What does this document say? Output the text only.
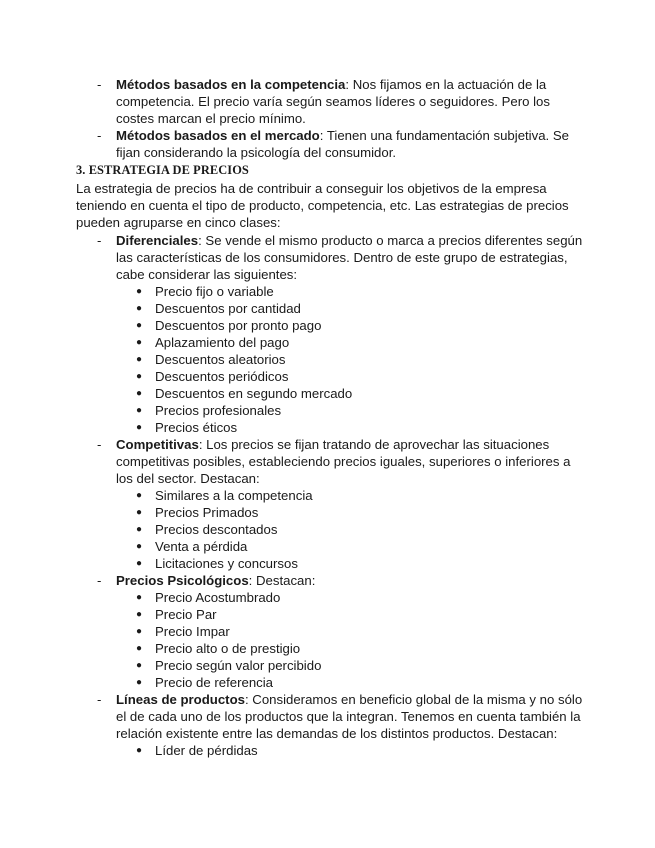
- Métodos basados en la competencia: Nos fijamos en la actuación de la
competencia. El precio varía según seamos líderes o seguidores. Pero los
costes marcan el precio mínimo.
- Métodos basados en el mercado: Tienen una fundamentación subjetiva. Se
fijan considerando la psicología del consumidor.
3. ESTRATEGIA DE PRECIOS
La estrategia de precios ha de contribuir a conseguir los objetivos de la empresa
teniendo en cuenta el tipo de producto, competencia, etc. Las estrategias de precios
pueden agruparse en cinco clases:
- Diferenciales: Se vende el mismo producto o marca a precios diferentes según
las características de los consumidores. Dentro de este grupo de estrategias,
cabe considerar las siguientes:
● Precio fijo o variable
● Descuentos por cantidad
● Descuentos por pronto pago
● Aplazamiento del pago
● Descuentos aleatorios
● Descuentos periódicos
● Descuentos en segundo mercado
● Precios profesionales
● Precios éticos
- Competitivas: Los precios se fijan tratando de aprovechar las situaciones
competitivas posibles, estableciendo precios iguales, superiores o inferiores a
los del sector. Destacan:
● Similares a la competencia
● Precios Primados
● Precios descontados
● Venta a pérdida
● Licitaciones y concursos
- Precios Psicológicos: Destacan:
● Precio Acostumbrado
● Precio Par
● Precio Impar
● Precio alto o de prestigio
● Precio según valor percibido
● Precio de referencia
- Líneas de productos: Consideramos en beneficio global de la misma y no sólo
el de cada uno de los productos que la integran. Tenemos en cuenta también la
relación existente entre las demandas de los distintos productos. Destacan:
● Líder de pérdidas
